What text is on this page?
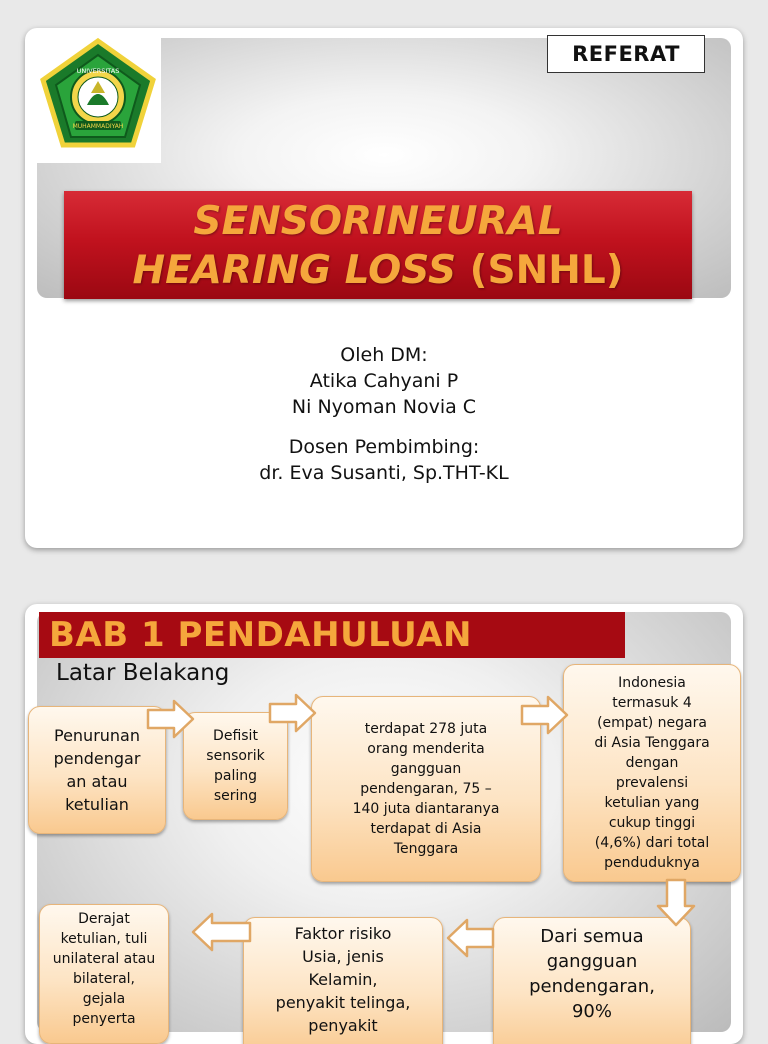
MUHAMMADIYAH
UNIVERSITAS
REFERAT
SENSORINEURAL
HEARING LOSS (SNHL)
Oleh DM:
Atika Cahyani P
Ni Nyoman Novia C
Dosen Pembimbing:
dr. Eva Susanti, Sp.THT-KL
BAB 1 PENDAHULUAN
Latar Belakang
Penurunan
pendengar
an atau
ketulian
Defisit
sensorik
paling
sering
terdapat 278 juta
orang menderita
gangguan
pendengaran, 75 –
140 juta diantaranya
terdapat di Asia
Tenggara
Indonesia
termasuk 4
(empat) negara
di Asia Tenggara
dengan
prevalensi
ketulian yang
cukup tinggi
(4,6%) dari total
penduduknya
Dari semua
gangguan
pendengaran,
90%
Faktor risiko
Usia, jenis
Kelamin,
penyakit telinga,
penyakit
Derajat
ketulian, tuli
unilateral atau
bilateral,
gejala
penyerta
